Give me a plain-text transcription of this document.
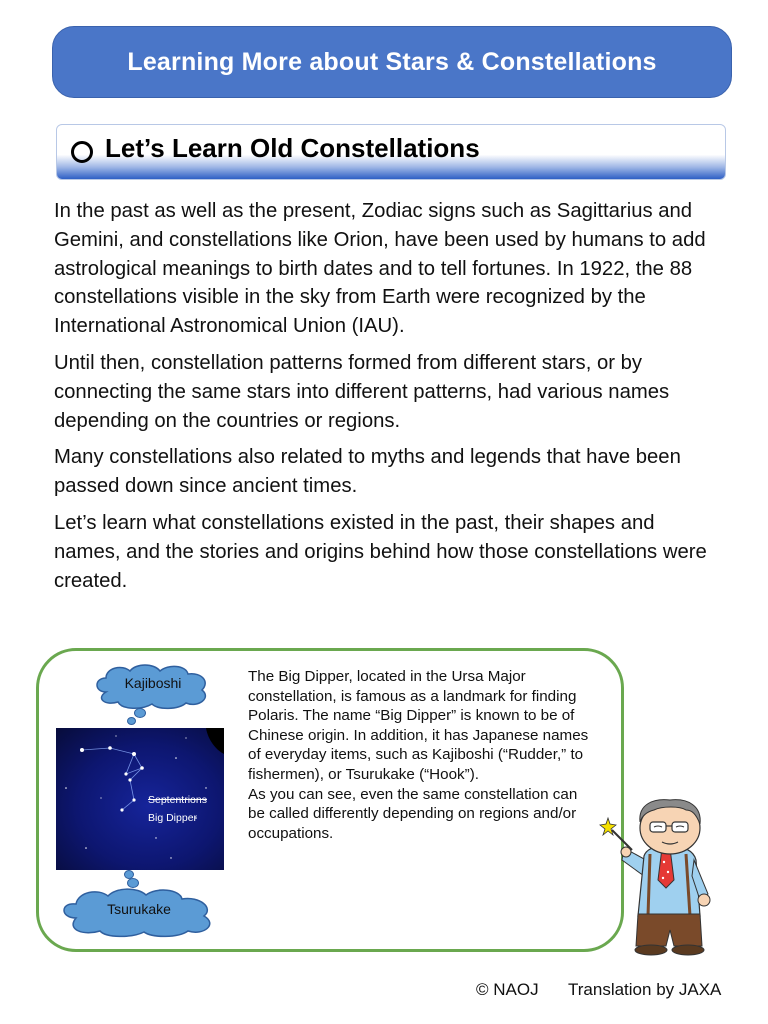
Learning More about Stars & Constellations
Let’s Learn Old Constellations

In the past as well as the present, Zodiac signs such as Sagittarius and Gemini, and constellations like Orion, have been used by humans to add astrological meanings to birth dates and to tell fortunes. In 1922, the 88 constellations visible in the sky from Earth were recognized by the International Astronomical Union (IAU).

Until then, constellation patterns formed from different stars, or by connecting the same stars into different patterns, had various names depending on the countries or regions.

Many constellations also related to myths and legends that have been passed down since ancient times.

Let’s learn what constellations existed in the past, their shapes and names, and the stories and origins behind how those constellations were created.

Kajiboshi
Septentrions
Big Dipper
Tsurukake

The Big Dipper, located in the Ursa Major constellation, is famous as a landmark for finding Polaris. The name “Big Dipper” is known to be of Chinese origin. In addition, it has Japanese names of everyday items, such as Kajiboshi (“Rudder,” to fishermen), or Tsurukake (“Hook”).

As you can see, even the same constellation can be called differently depending on regions and/or occupations.

© NAOJ Translation by JAXA
